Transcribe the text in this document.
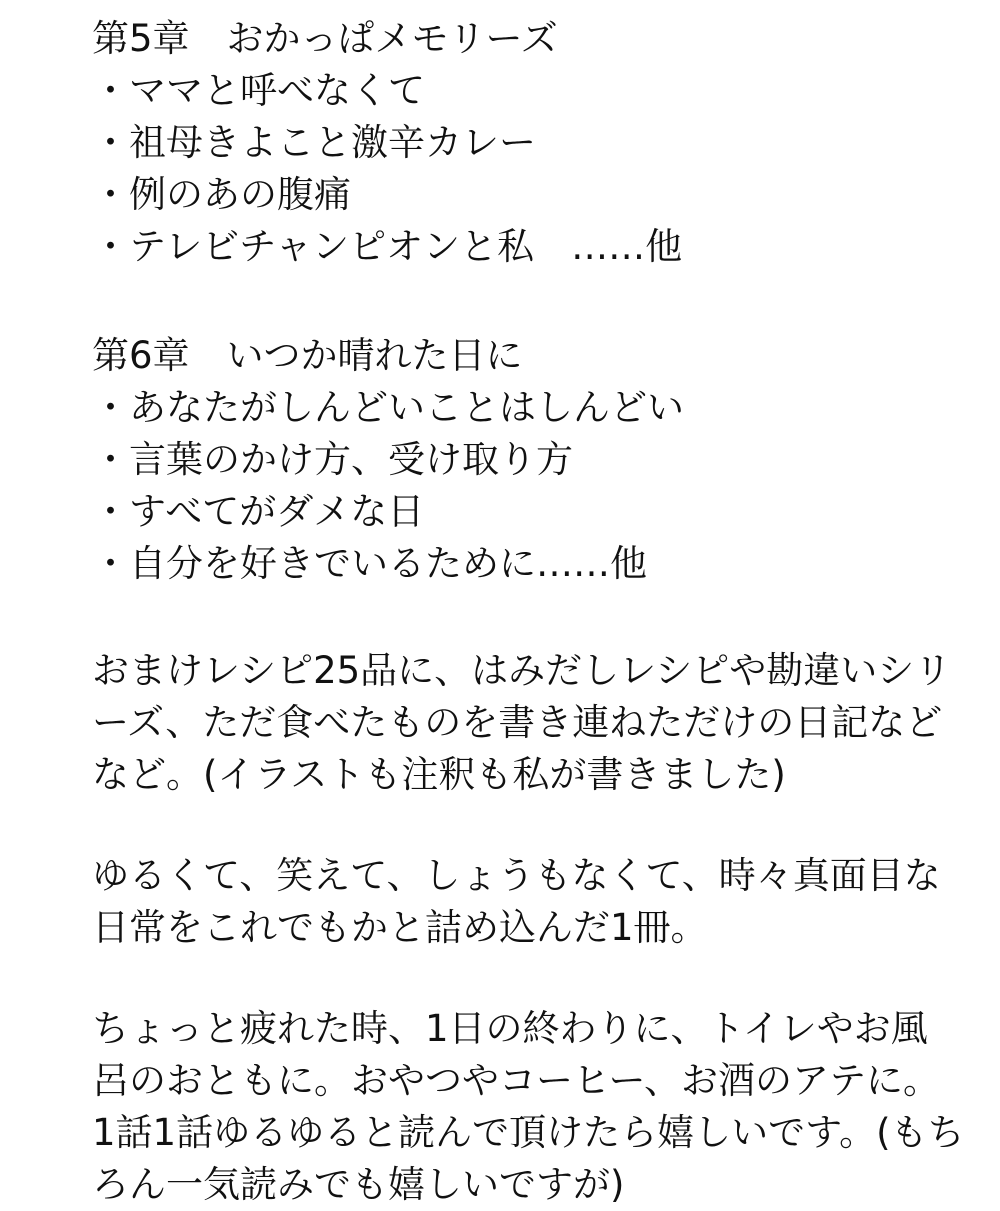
第5章　おかっぱメモリーズ
・ママと呼べなくて
・祖母きよこと激辛カレー
・例のあの腹痛
・テレビチャンピオンと私　……他
第6章　いつか晴れた日に
・あなたがしんどいことはしんどい
・言葉のかけ方、受け取り方
・すべてがダメな日
・自分を好きでいるために……他
おまけレシピ25品に、はみだしレシピや勘違いシリ
ーズ、ただ食べたものを書き連ねただけの日記など
など。(イラストも注釈も私が書きました)
ゆるくて、笑えて、しょうもなくて、時々真面目な
日常をこれでもかと詰め込んだ1冊。
ちょっと疲れた時、1日の終わりに、トイレやお風
呂のおともに。おやつやコーヒー、お酒のアテに。
1話1話ゆるゆると読んで頂けたら嬉しいです。(もち
ろん一気読みでも嬉しいですが)
